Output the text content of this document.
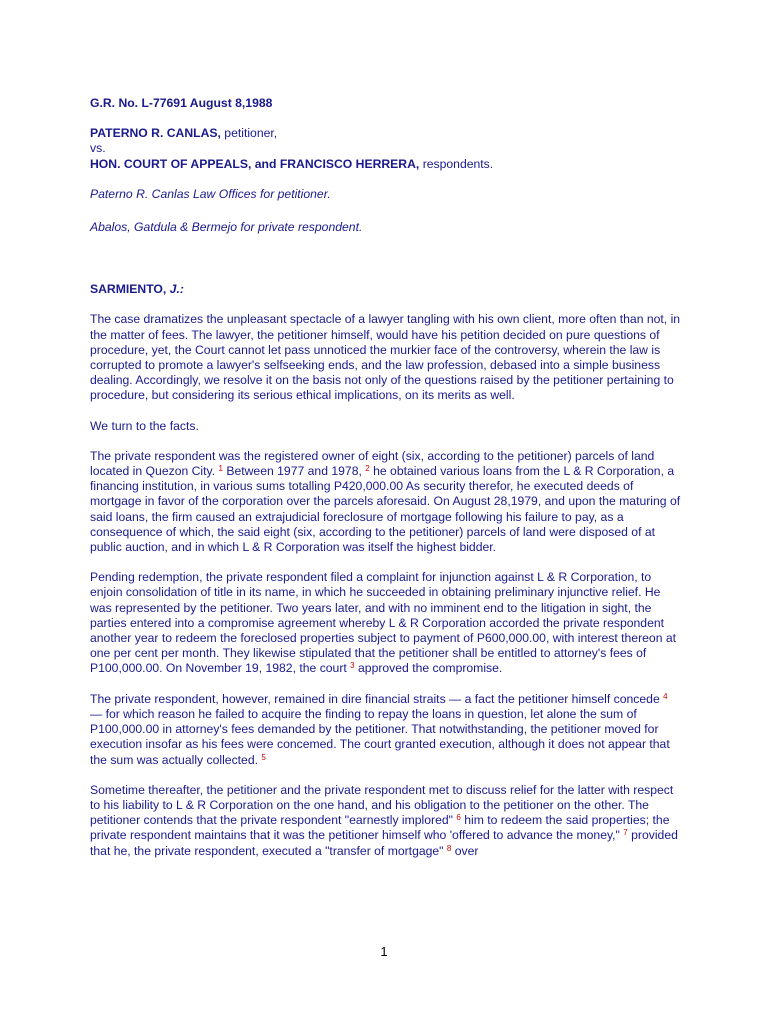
G.R. No. L-77691 August 8,1988

PATERNO R. CANLAS, petitioner,

vs.

HON. COURT OF APPEALS, and FRANCISCO HERRERA, respondents.

Paterno R. Canlas Law Offices for petitioner.

Abalos, Gatdula & Bermejo for private respondent.

SARMIENTO, J.:

The case dramatizes the unpleasant spectacle of a lawyer tangling with his own client, more often than not, in the matter of fees. The lawyer, the petitioner himself, would have his petition decided on pure questions of procedure, yet, the Court cannot let pass unnoticed the murkier face of the controversy, wherein the law is corrupted to promote a lawyer's selfseeking ends, and the law profession, debased into a simple business dealing. Accordingly, we resolve it on the basis not only of the questions raised by the petitioner pertaining to procedure, but considering its serious ethical implications, on its merits as well.

We turn to the facts.

The private respondent was the registered owner of eight (six, according to the petitioner) parcels of land located in Quezon City. $^1$ Between 1977 and 1978, $^2$ he obtained various loans from the L & R Corporation, a financing institution, in various sums totalling P420,000.00 As security therefor, he executed deeds of mortgage in favor of the corporation over the parcels aforesaid. On August 28,1979, and upon the maturing of said loans, the firm caused an extrajudicial foreclosure of mortgage following his failure to pay, as a consequence of which, the said eight (six, according to the petitioner) parcels of land were disposed of at public auction, and in which L & R Corporation was itself the highest bidder.

Pending redemption, the private respondent filed a complaint for injunction against L & R Corporation, to enjoin consolidation of title in its name, in which he succeeded in obtaining preliminary injunctive relief. He was represented by the petitioner. Two years later, and with no imminent end to the litigation in sight, the parties entered into a compromise agreement whereby L & R Corporation accorded the private respondent another year to redeem the foreclosed properties subject to payment of P600,000.00, with interest thereon at one per cent per month. They likewise stipulated that the petitioner shall be entitled to attorney's fees of P100,000.00. On November 19, 1982, the court $^3$ approved the compromise.

The private respondent, however, remained in dire financial straits — a fact the petitioner himself concede $^4$ — for which reason he failed to acquire the finding to repay the loans in question, let alone the sum of P100,000.00 in attorney's fees demanded by the petitioner. That notwithstanding, the petitioner moved for execution insofar as his fees were concemed. The court granted execution, although it does not appear that the sum was actually collected. $^5$

Sometime thereafter, the petitioner and the private respondent met to discuss relief for the latter with respect to his liability to L & R Corporation on the one hand, and his obligation to the petitioner on the other. The petitioner contends that the private respondent "earnestly implored" $^6$ him to redeem the said properties; the private respondent maintains that it was the petitioner himself who 'offered to advance the money," $^7$ provided that he, the private respondent, executed a "transfer of mortgage" $^8$ over

1
